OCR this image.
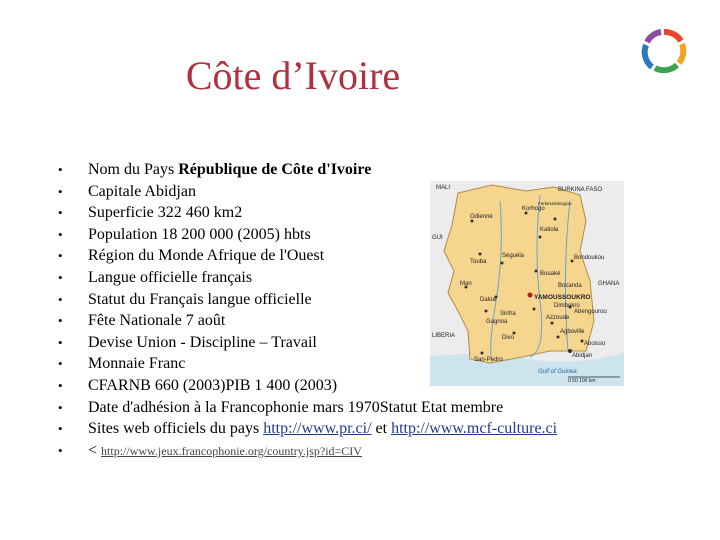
Côte d’Ivoire
MALI	BURKINA FASO
GUI
GHANA
LIBERIA
Gulf of Guinea
YAMOUSSOUKRO
Odienné
Korhogo
Ferkessédougou
Katiola
Touba
Séguéla
Bouaké
Bondoukou
Man
Daloa
Sinfra
Bocanda
Gagnoa
Dimbokro
Azzoude
Abengourou
Divo
Agboville
San-Pedro
Abidjan
Aboisso
0 50 100 km
• Nom du Pays République de Côte d'Ivoire
• Capitale Abidjan
• Superficie 322 460 km2
• Population 18 200 000 (2005) hbts
• Région du Monde Afrique de l'Ouest
• Langue officielle français
• Statut du Français langue officielle
• Fête Nationale 7 août
• Devise Union - Discipline – Travail
• Monnaie Franc
• CFARNB 660 (2003)PIB 1 400 (2003)
• Date d'adhésion à la Francophonie mars 1970Statut Etat membre
• Sites web officiels du pays http://www.pr.ci/ et http://www.mcf-culture.ci
• < http://www.jeux.francophonie.org/country.jsp?id=CIV
